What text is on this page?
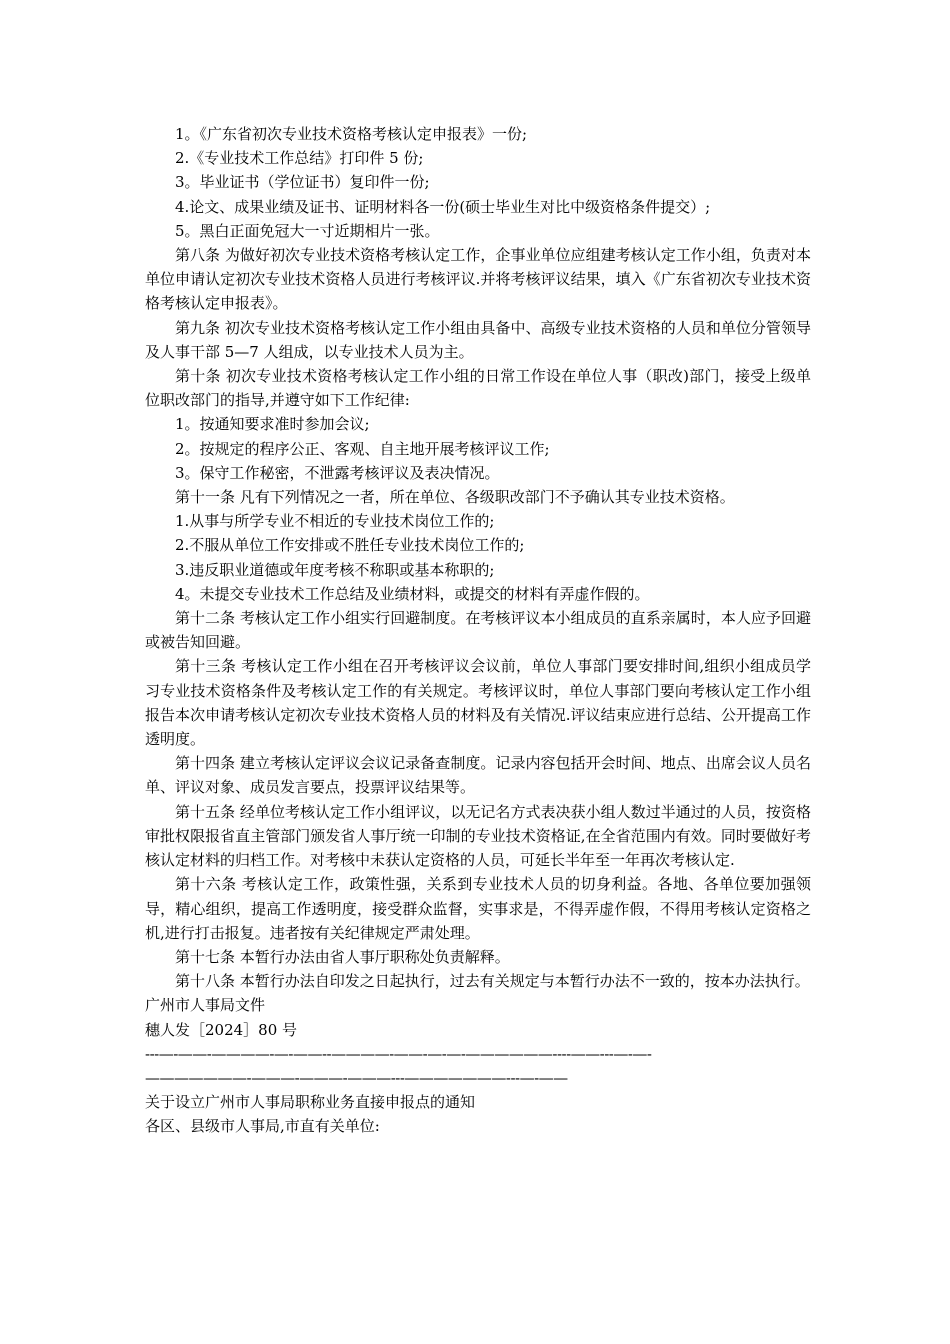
1。《广东省初次专业技术资格考核认定申报表》一份;

2.《专业技术工作总结》打印件 5 份;

3。毕业证书（学位证书）复印件一份;

4.论文、成果业绩及证书、证明材料各一份(硕士毕业生对比中级资格条件提交）;

5。黑白正面免冠大一寸近期相片一张。

第八条 为做好初次专业技术资格考核认定工作，企事业单位应组建考核认定工作小组，负责对本单位申请认定初次专业技术资格人员进行考核评议.并将考核评议结果，填入《广东省初次专业技术资格考核认定申报表》。

第九条 初次专业技术资格考核认定工作小组由具备中、高级专业技术资格的人员和单位分管领导及人事干部 5—7 人组成，以专业技术人员为主。

第十条 初次专业技术资格考核认定工作小组的日常工作设在单位人事（职改)部门，接受上级单位职改部门的指导,并遵守如下工作纪律:

1。按通知要求准时参加会议;

2。按规定的程序公正、客观、自主地开展考核评议工作;

3。保守工作秘密，不泄露考核评议及表决情况。

第十一条 凡有下列情况之一者，所在单位、各级职改部门不予确认其专业技术资格。

1.从事与所学专业不相近的专业技术岗位工作的;

2.不服从单位工作安排或不胜任专业技术岗位工作的;

3.违反职业道德或年度考核不称职或基本称职的;

4。未提交专业技术工作总结及业绩材料，或提交的材料有弄虚作假的。

第十二条 考核认定工作小组实行回避制度。在考核评议本小组成员的直系亲属时，本人应予回避或被告知回避。

第十三条 考核认定工作小组在召开考核评议会议前，单位人事部门要安排时间,组织小组成员学习专业技术资格条件及考核认定工作的有关规定。考核评议时，单位人事部门要向考核认定工作小组报告本次申请考核认定初次专业技术资格人员的材料及有关情况.评议结束应进行总结、公开提高工作透明度。

第十四条 建立考核认定评议会议记录备查制度。记录内容包括开会时间、地点、出席会议人员名单、评议对象、成员发言要点，投票评议结果等。

第十五条 经单位考核认定工作小组评议，以无记名方式表决获小组人数过半通过的人员，按资格审批权限报省直主管部门颁发省人事厅统一印制的专业技术资格证,在全省范围内有效。同时要做好考核认定材料的归档工作。对考核中未获认定资格的人员，可延长半年至一年再次考核认定.

第十六条 考核认定工作，政策性强，关系到专业技术人员的切身利益。各地、各单位要加强领导，精心组织，提高工作透明度，接受群众监督，实事求是，不得弄虚作假，不得用考核认定资格之机,进行打击报复。违者按有关纪律规定严肃处理。

第十七条 本暂行办法由省人事厅职称处负责解释。

第十八条 本暂行办法自印发之日起执行，过去有关规定与本暂行办法不一致的，按本办法执行。

广州市人事局文件

穗人发［2024］80 号

---—-——-————-—-——--————-——-—-—-——————----——---—-—-

———————-———-———-———---———————---—-——

关于设立广州市人事局职称业务直接申报点的通知

各区、县级市人事局,市直有关单位:
